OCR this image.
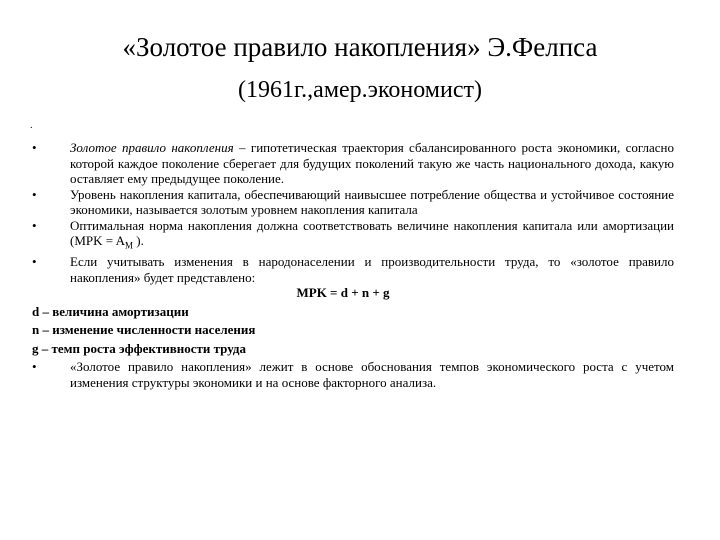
«Золотое правило накопления» Э.Фелпса
(1961г.,амер.экономист)
.
•	Золотое правило накопления – гипотетическая траектория сбалансированного роста экономики, согласно которой каждое поколение сберегает для будущих поколений такую же часть национального дохода, какую оставляет ему предыдущее поколение.
•	Уровень накопления капитала, обеспечивающий наивысшее потребление общества и устойчивое состояние экономики, называется золотым уровнем накопления капитала
•	Оптимальная норма накопления должна соответствовать величине накопления капитала или амортизации ($MPK = A_M$ ).
•	Если учитывать изменения в народонаселении и производительности труда, то «золотое правило накопления» будет представлено:
MPK = d + n + g
d – величина амортизации
n – изменение численности населения
g – темп роста эффективности труда
•	«Золотое правило накопления» лежит в основе обоснования темпов экономического роста с учетом изменения структуры экономики и на основе факторного анализа.
